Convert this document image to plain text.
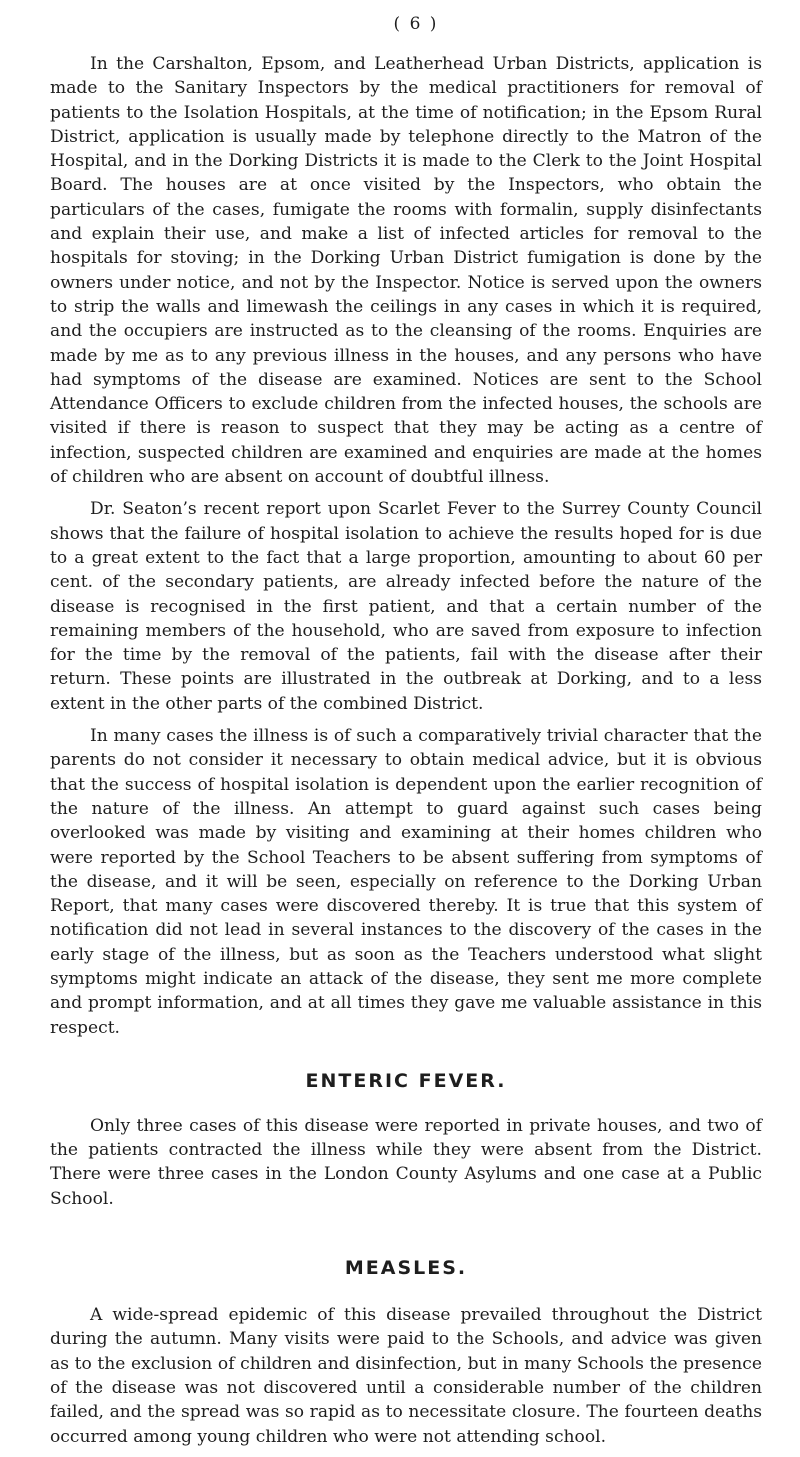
( 6 )

In the Carshalton, Epsom, and Leatherhead Urban Districts, application is made to the Sanitary Inspectors by the medical practitioners for removal of patients to the Isolation Hospitals, at the time of notification; in the Epsom Rural District, application is usually made by telephone directly to the Matron of the Hospital, and in the Dorking Districts it is made to the Clerk to the Joint Hospital Board. The houses are at once visited by the Inspectors, who obtain the particulars of the cases, fumigate the rooms with formalin, supply disinfectants and explain their use, and make a list of infected articles for removal to the hospitals for stoving; in the Dorking Urban District fumigation is done by the owners under notice, and not by the Inspector. Notice is served upon the owners to strip the walls and limewash the ceilings in any cases in which it is required, and the occupiers are instructed as to the cleansing of the rooms. Enquiries are made by me as to any previous illness in the houses, and any persons who have had symptoms of the disease are examined. Notices are sent to the School Attendance Officers to exclude children from the infected houses, the schools are visited if there is reason to suspect that they may be acting as a centre of infection, suspected children are examined and enquiries are made at the homes of children who are absent on account of doubtful illness.

Dr. Seaton’s recent report upon Scarlet Fever to the Surrey County Council shows that the failure of hospital isolation to achieve the results hoped for is due to a great extent to the fact that a large proportion, amounting to about 60 per cent. of the secondary patients, are already infected before the nature of the disease is recognised in the first patient, and that a certain number of the remaining members of the household, who are saved from exposure to infection for the time by the removal of the patients, fail with the disease after their return. These points are illustrated in the outbreak at Dorking, and to a less extent in the other parts of the combined District.

In many cases the illness is of such a comparatively trivial character that the parents do not consider it necessary to obtain medical advice, but it is obvious that the success of hospital isolation is dependent upon the earlier recognition of the nature of the illness. An attempt to guard against such cases being overlooked was made by visiting and examining at their homes children who were reported by the School Teachers to be absent suffering from symptoms of the disease, and it will be seen, especially on reference to the Dorking Urban Report, that many cases were discovered thereby. It is true that this system of notification did not lead in several instances to the discovery of the cases in the early stage of the illness, but as soon as the Teachers understood what slight symptoms might indicate an attack of the disease, they sent me more complete and prompt information, and at all times they gave me valuable assistance in this respect.

ENTERIC FEVER.

Only three cases of this disease were reported in private houses, and two of the patients contracted the illness while they were absent from the District. There were three cases in the London County Asylums and one case at a Public School.

MEASLES.

A wide-spread epidemic of this disease prevailed throughout the District during the autumn. Many visits were paid to the Schools, and advice was given as to the exclusion of children and disinfection, but in many Schools the presence of the disease was not discovered until a considerable number of the children failed, and the spread was so rapid as to necessitate closure. The fourteen deaths occurred among young children who were not attending school.
